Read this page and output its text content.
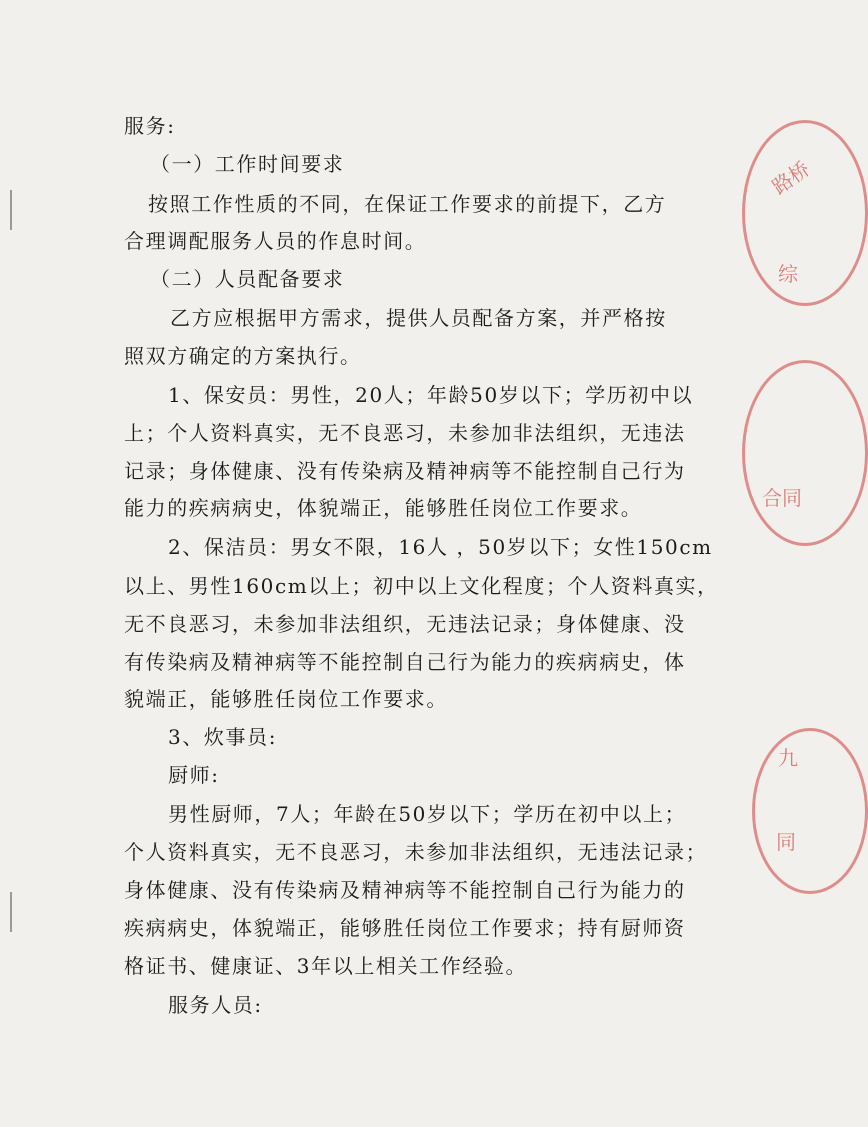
服务:

（一）工作时间要求

按照工作性质的不同，在保证工作要求的前提下，乙方

合理调配服务人员的作息时间。

（二）人员配备要求

乙方应根据甲方需求，提供人员配备方案，并严格按

照双方确定的方案执行。

1、保安员：男性，20人；年龄50岁以下；学历初中以

上；个人资料真实，无不良恶习，未参加非法组织，无违法

记录；身体健康、没有传染病及精神病等不能控制自己行为

能力的疾病病史，体貌端正，能够胜任岗位工作要求。

2、保洁员：男女不限，16人 ，50岁以下；女性150cm

以上、男性160cm以上；初中以上文化程度；个人资料真实，

无不良恶习，未参加非法组织，无违法记录；身体健康、没

有传染病及精神病等不能控制自己行为能力的疾病病史，体

貌端正，能够胜任岗位工作要求。

3、炊事员:

厨师:

男性厨师，7人；年龄在50岁以下；学历在初中以上；

个人资料真实，无不良恶习，未参加非法组织，无违法记录；

身体健康、没有传染病及精神病等不能控制自己行为能力的

疾病病史，体貌端正，能够胜任岗位工作要求；持有厨师资

格证书、健康证、3年以上相关工作经验。

服务人员:

路桥
综
合同
九
同
